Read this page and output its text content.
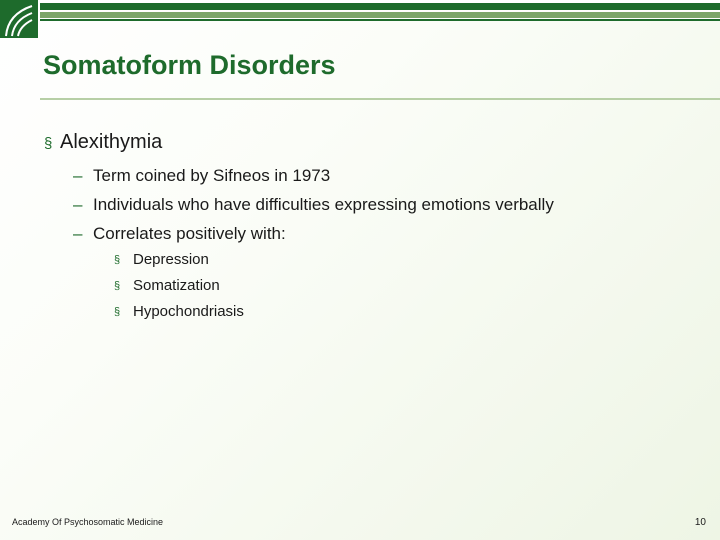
Somatoform Disorders
§ Alexithymia
– Term coined by Sifneos in 1973
– Individuals who have difficulties expressing emotions verbally
– Correlates positively with:
§ Depression
§ Somatization
§ Hypochondriasis
Academy Of Psychosomatic Medicine	10
